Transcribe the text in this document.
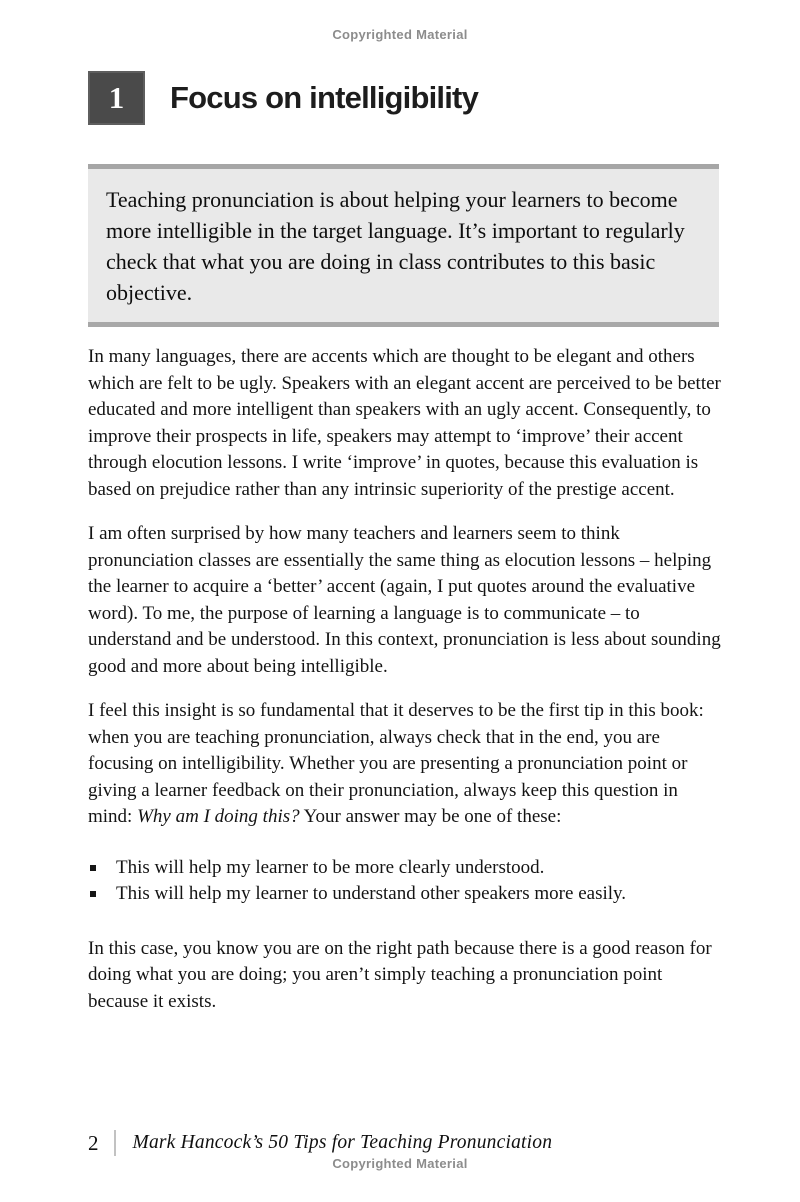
Copyrighted Material
1	Focus on intelligibility

Teaching pronunciation is about helping your learners to become more intelligible in the target language. It’s important to regularly check that what you are doing in class contributes to this basic objective.

In many languages, there are accents which are thought to be elegant and others which are felt to be ugly. Speakers with an elegant accent are perceived to be better educated and more intelligent than speakers with an ugly accent. Consequently, to improve their prospects in life, speakers may attempt to ‘improve’ their accent through elocution lessons. I write ‘improve’ in quotes, because this evaluation is based on prejudice rather than any intrinsic superiority of the prestige accent.

I am often surprised by how many teachers and learners seem to think pronunciation classes are essentially the same thing as elocution lessons – helping the learner to acquire a ‘better’ accent (again, I put quotes around the evaluative word). To me, the purpose of learning a language is to communicate – to understand and be understood. In this context, pronunciation is less about sounding good and more about being intelligible.

I feel this insight is so fundamental that it deserves to be the first tip in this book: when you are teaching pronunciation, always check that in the end, you are focusing on intelligibility. Whether you are presenting a pronunciation point or giving a learner feedback on their pronunciation, always keep this question in mind: Why am I doing this? Your answer may be one of these:

This will help my learner to be more clearly understood.
This will help my learner to understand other speakers more easily.

In this case, you know you are on the right path because there is a good reason for doing what you are doing; you aren’t simply teaching a pronunciation point because it exists.

2 Mark Hancock’s 50 Tips for Teaching Pronunciation
Copyrighted Material
